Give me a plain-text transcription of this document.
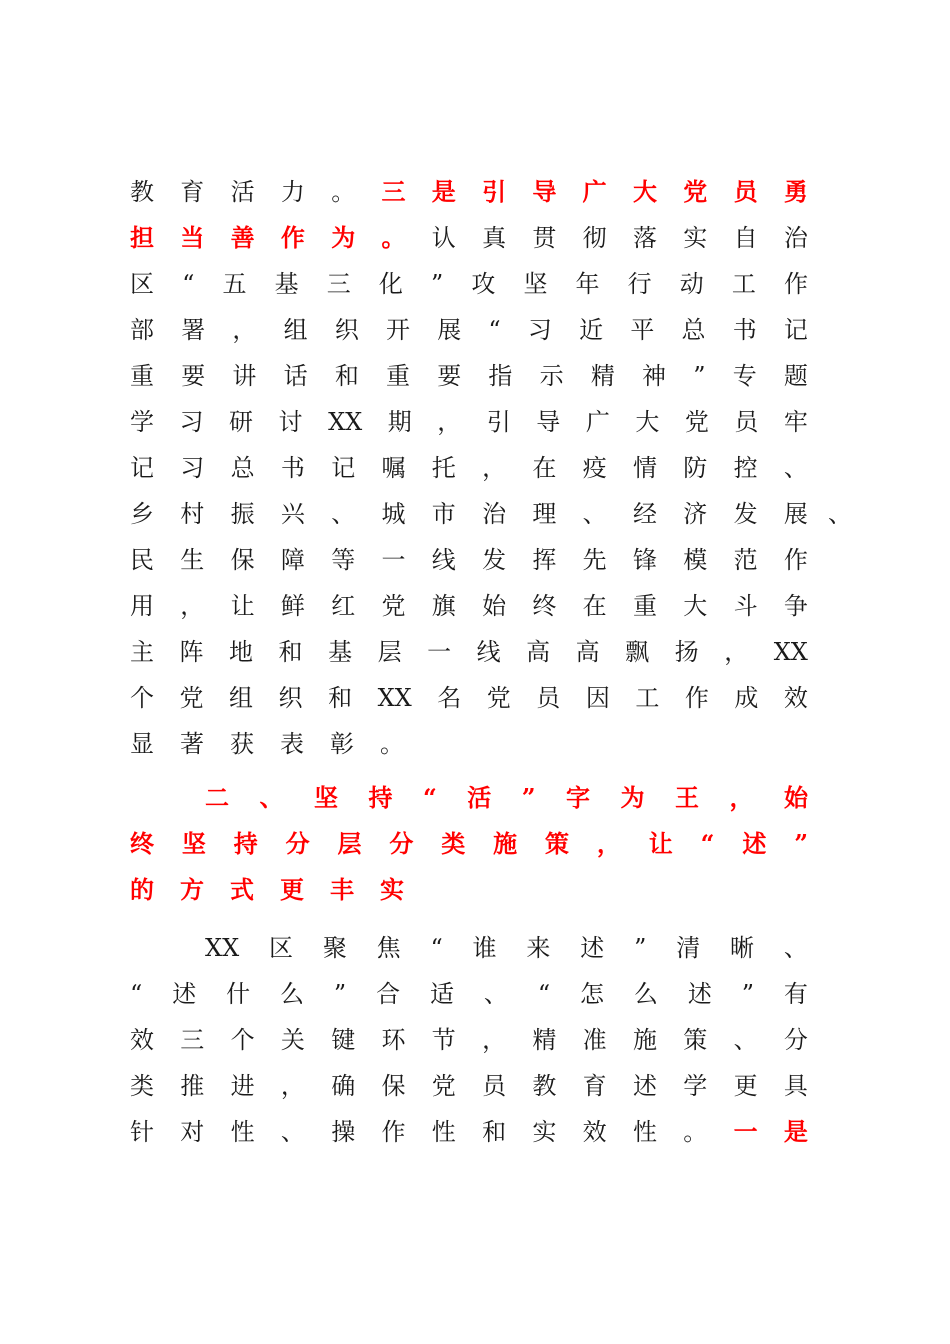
教 育 活 力 。 三 是 引 导 广 大 党 员 勇
担 当 善 作 为 。 认 真 贯 彻 落 实 自 治
区 “ 五 基 三 化 ” 攻 坚 年 行 动 工 作
部 署 ， 组 织 开 展 “ 习 近 平 总 书 记
重 要 讲 话 和 重 要 指 示 精 神 ” 专 题
学 习 研 讨 XX 期 ， 引 导 广 大 党 员 牢
记 习 总 书 记 嘱 托 ， 在 疫 情 防 控 、
乡 村 振 兴 、 城 市 治 理 、 经 济 发 展 、
民 生 保 障 等 一 线 发 挥 先 锋 模 范 作
用 ， 让 鲜 红 党 旗 始 终 在 重 大 斗 争
主 阵 地 和 基 层 一 线 高 高 飘 扬 ， XX
个 党 组 织 和 XX 名 党 员 因 工 作 成 效
显 著 获 表 彰 。
二 、 坚 持 “ 活 ” 字 为 王 ， 始
终 坚 持 分 层 分 类 施 策 ， 让 “ 述 ”
的 方 式 更 丰 实
XX 区 聚 焦 “ 谁 来 述 ” 清 晰 、
“ 述 什 么 ” 合 适 、 “ 怎 么 述 ” 有
效 三 个 关 键 环 节 ， 精 准 施 策 、 分
类 推 进 ， 确 保 党 员 教 育 述 学 更 具
针 对 性 、 操 作 性 和 实 效 性 。 一 是
